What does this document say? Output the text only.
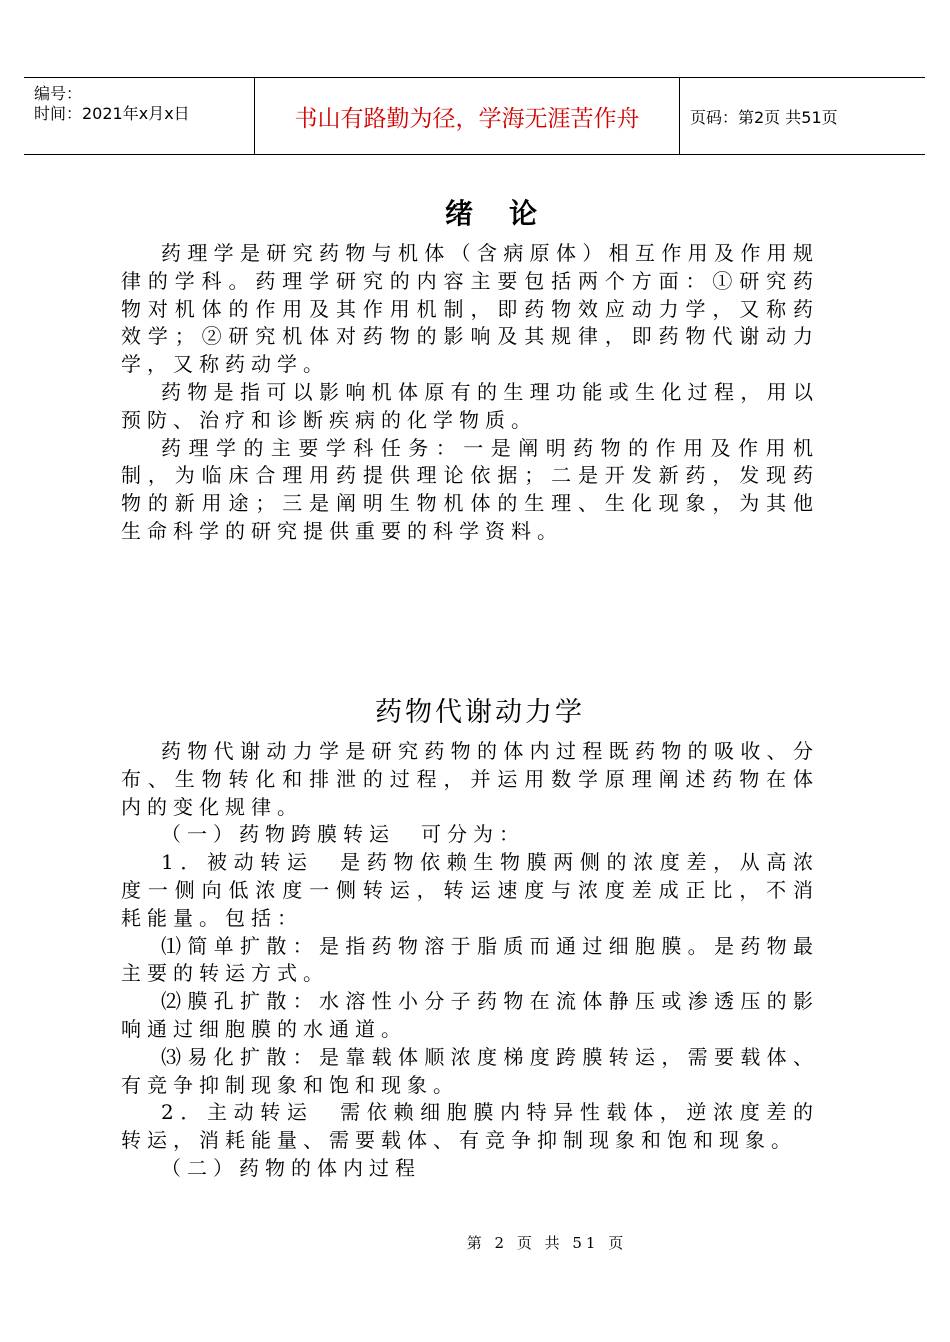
编号：
时间：2021年x月x日	书山有路勤为径，学海无涯苦作舟	页码：第2页 共51页
绪论

药理学是研究药物与机体（含病原体）相互作用及作用规律的学科。药理学研究的内容主要包括两个方面：①研究药物对机体的作用及其作用机制，即药物效应动力学，又称药效学；②研究机体对药物的影响及其规律，即药物代谢动力学，又称药动学。

药物是指可以影响机体原有的生理功能或生化过程，用以预防、治疗和诊断疾病的化学物质。

药理学的主要学科任务：一是阐明药物的作用及作用机制，为临床合理用药提供理论依据；二是开发新药，发现药物的新用途；三是阐明生物机体的生理、生化现象，为其他生命科学的研究提供重要的科学资料。

药物代谢动力学

药物代谢动力学是研究药物的体内过程既药物的吸收、分布、生物转化和排泄的过程，并运用数学原理阐述药物在体内的变化规律。

（一）药物跨膜转运　可分为：

1．被动转运　是药物依赖生物膜两侧的浓度差，从高浓度一侧向低浓度一侧转运，转运速度与浓度差成正比，不消耗能量。包括：

⑴简单扩散：是指药物溶于脂质而通过细胞膜。是药物最主要的转运方式。

⑵膜孔扩散：水溶性小分子药物在流体静压或渗透压的影响通过细胞膜的水通道。

⑶易化扩散：是靠载体顺浓度梯度跨膜转运，需要载体、有竞争抑制现象和饱和现象。

2．主动转运　需依赖细胞膜内特异性载体，逆浓度差的转运，消耗能量、需要载体、有竞争抑制现象和饱和现象。

（二）药物的体内过程

第 2 页 共 51 页
